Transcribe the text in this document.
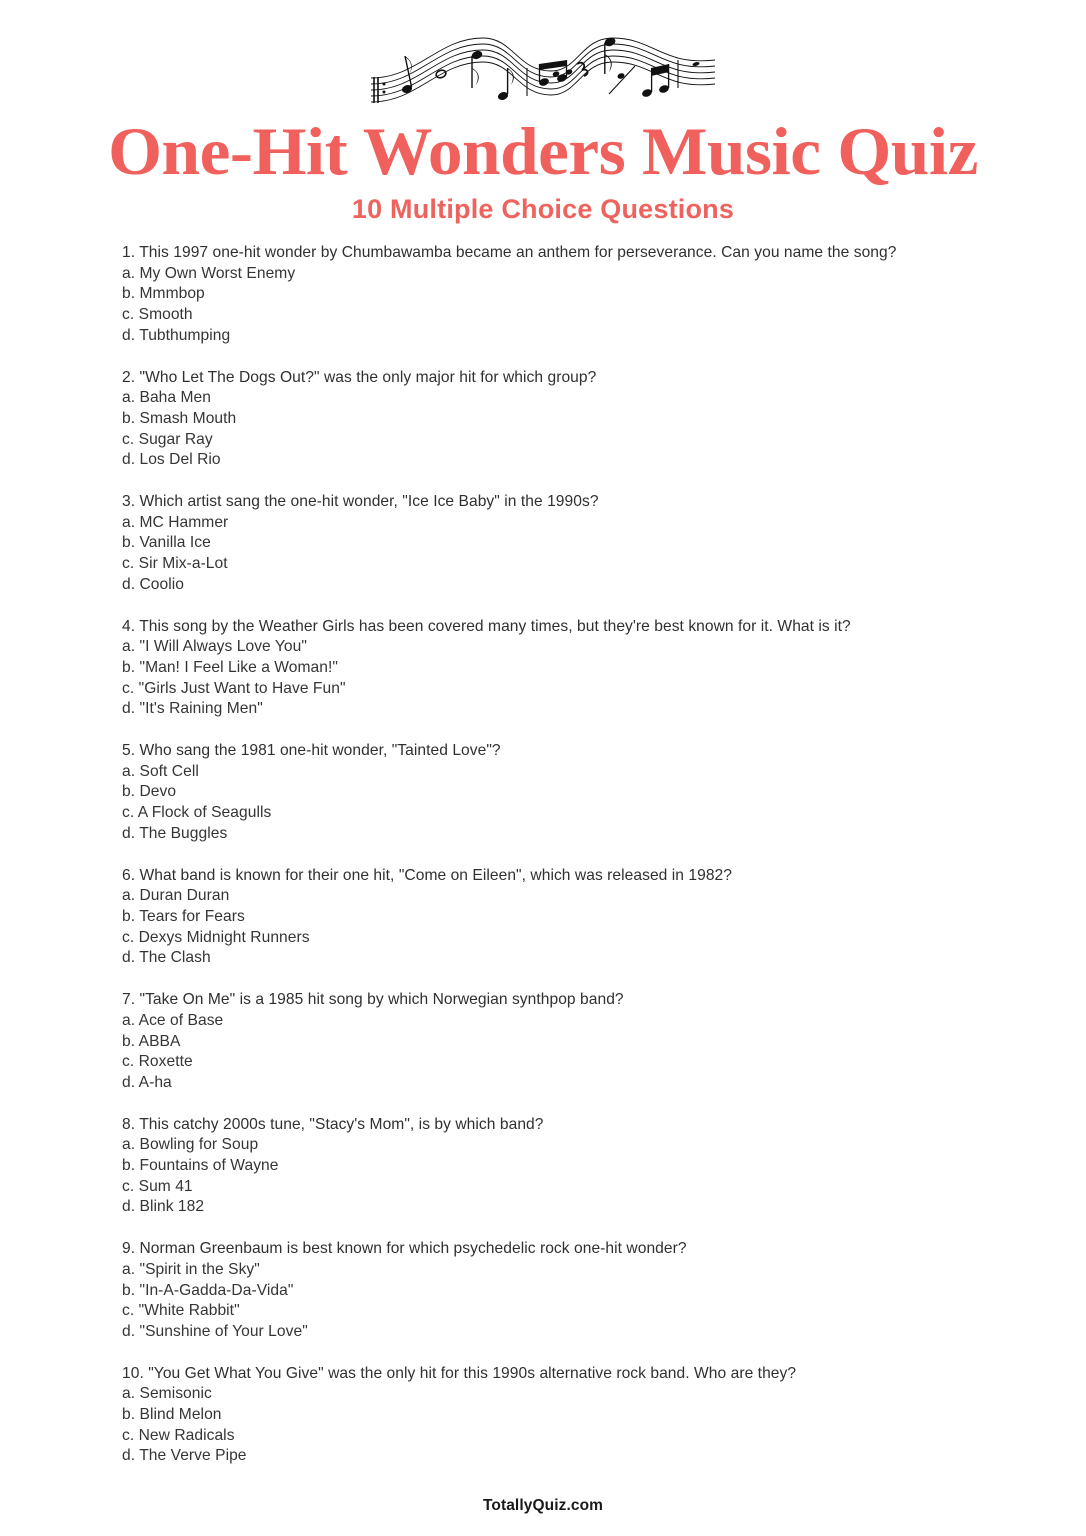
One-Hit Wonders Music Quiz

10 Multiple Choice Questions

1. This 1997 one-hit wonder by Chumbawamba became an anthem for perseverance. Can you name the song?

a. My Own Worst Enemy

b. Mmmbop

c. Smooth

d. Tubthumping

2. "Who Let The Dogs Out?" was the only major hit for which group?

a. Baha Men

b. Smash Mouth

c. Sugar Ray

d. Los Del Rio

3. Which artist sang the one-hit wonder, "Ice Ice Baby" in the 1990s?

a. MC Hammer

b. Vanilla Ice

c. Sir Mix-a-Lot

d. Coolio

4. This song by the Weather Girls has been covered many times, but they're best known for it. What is it?

a. "I Will Always Love You"

b. "Man! I Feel Like a Woman!"

c. "Girls Just Want to Have Fun"

d. "It's Raining Men"

5. Who sang the 1981 one-hit wonder, "Tainted Love"?

a. Soft Cell

b. Devo

c. A Flock of Seagulls

d. The Buggles

6. What band is known for their one hit, "Come on Eileen", which was released in 1982?

a. Duran Duran

b. Tears for Fears

c. Dexys Midnight Runners

d. The Clash

7. "Take On Me" is a 1985 hit song by which Norwegian synthpop band?

a. Ace of Base

b. ABBA

c. Roxette

d. A-ha

8. This catchy 2000s tune, "Stacy's Mom", is by which band?

a. Bowling for Soup

b. Fountains of Wayne

c. Sum 41

d. Blink 182

9. Norman Greenbaum is best known for which psychedelic rock one-hit wonder?

a. "Spirit in the Sky"

b. "In-A-Gadda-Da-Vida"

c. "White Rabbit"

d. "Sunshine of Your Love"

10. "You Get What You Give" was the only hit for this 1990s alternative rock band. Who are they?

a. Semisonic

b. Blind Melon

c. New Radicals

d. The Verve Pipe

TotallyQuiz.com
